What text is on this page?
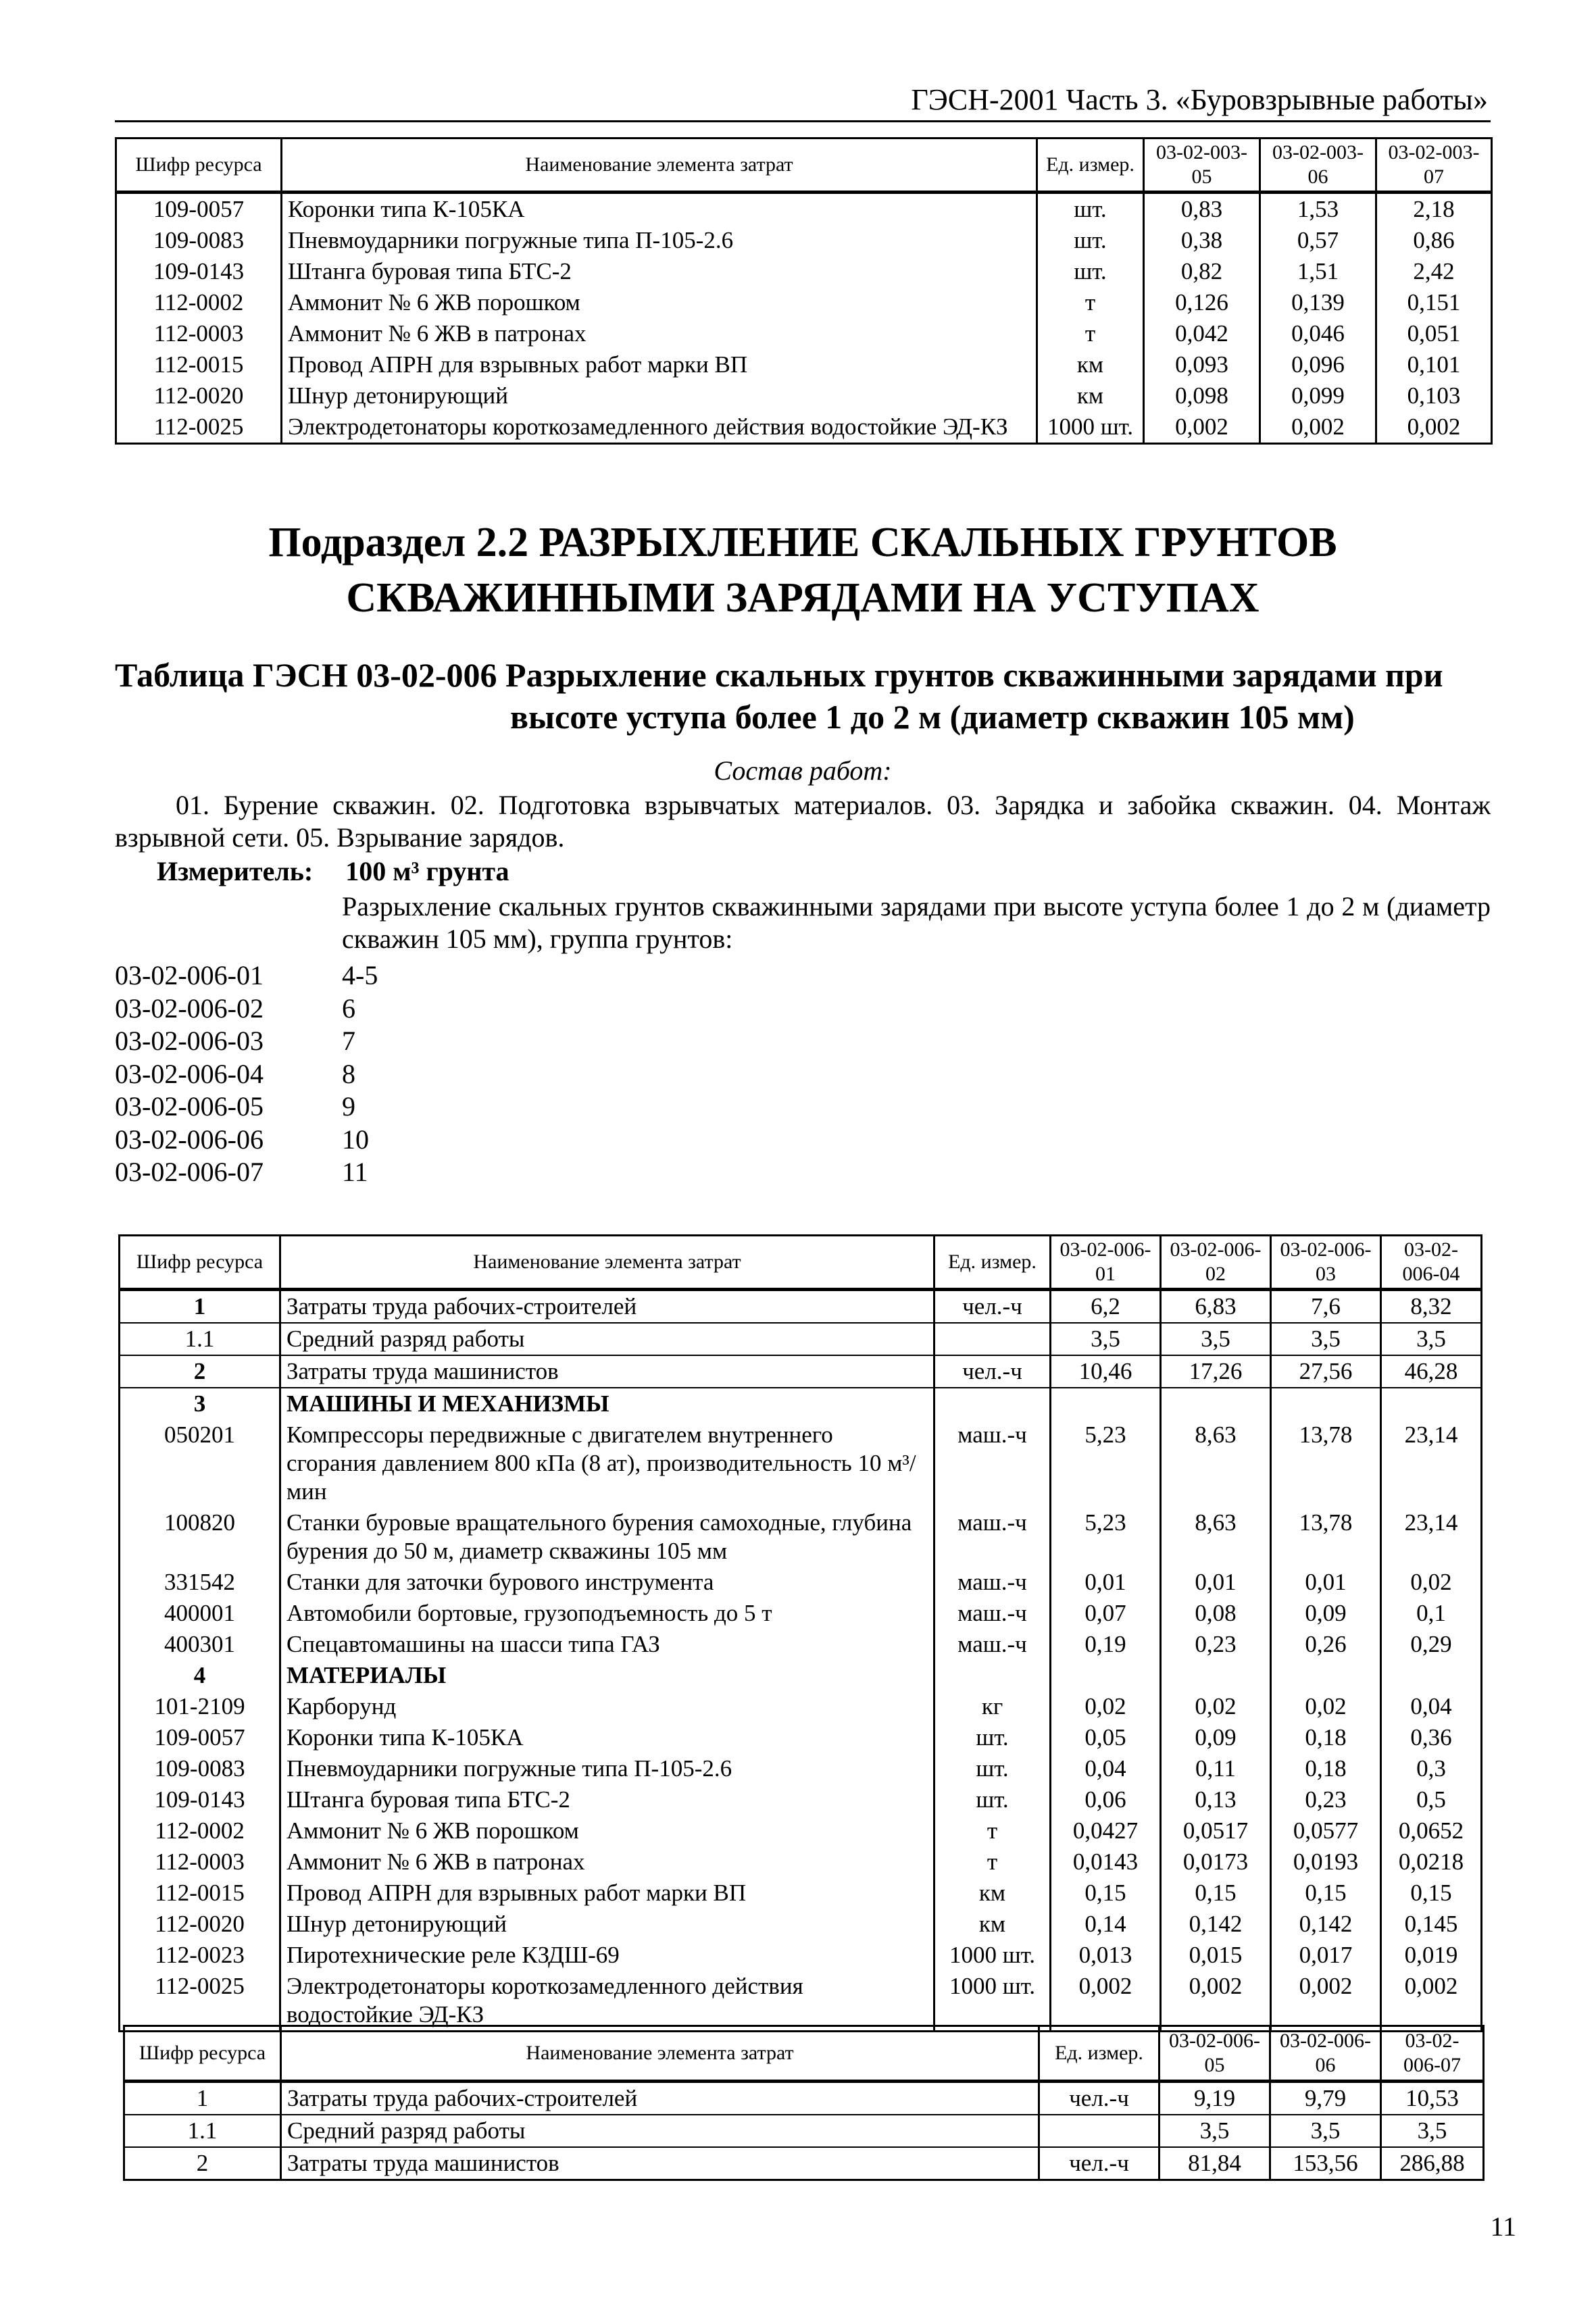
ГЭСН-2001 Часть 3. «Буровзрывные работы»
Шифр ресурса	Наименование элемента затрат	Ед. измер.	03-02-003-05	03-02-003-06	03-02-003-07
109-0057	Коронки типа К-105КА	шт.	0,83	1,53	2,18
109-0083	Пневмоударники погружные типа П-105-2.6	шт.	0,38	0,57	0,86
109-0143	Штанга буровая типа БТС-2	шт.	0,82	1,51	2,42
112-0002	Аммонит № 6 ЖВ порошком	т	0,126	0,139	0,151
112-0003	Аммонит № 6 ЖВ в патронах	т	0,042	0,046	0,051
112-0015	Провод АПРН для взрывных работ марки ВП	км	0,093	0,096	0,101
112-0020	Шнур детонирующий	км	0,098	0,099	0,103
112-0025	Электродетонаторы короткозамедленного действия водостойкие ЭД-КЗ	1000 шт.	0,002	0,002	0,002
Подраздел 2.2 РАЗРЫХЛЕНИЕ СКАЛЬНЫХ ГРУНТОВ СКВАЖИННЫМИ ЗАРЯДАМИ НА УСТУПАХ
Таблица ГЭСН 03-02-006 Разрыхление скальных грунтов скважинными зарядами при
высоте уступа более 1 до 2 м (диаметр скважин 105 мм)
Состав работ:
01. Бурение скважин. 02. Подготовка взрывчатых материалов. 03. Зарядка и забойка скважин. 04. Монтаж взрывной сети. 05. Взрывание зарядов.
Измеритель: 100 м³ грунта
Разрыхление скальных грунтов скважинными зарядами при высоте уступа более 1 до 2 м (диаметр скважин 105 мм), группа грунтов:
03-02-006-01	4-5
03-02-006-02	6
03-02-006-03	7
03-02-006-04	8
03-02-006-05	9
03-02-006-06	10
03-02-006-07	11
Шифр ресурса	Наименование элемента затрат	Ед. измер.	03-02-006-01	03-02-006-02	03-02-006-03	03-02-006-04
1	Затраты труда рабочих-строителей	чел.-ч	6,2	6,83	7,6	8,32
1.1	Средний разряд работы		3,5	3,5	3,5	3,5
2	Затраты труда машинистов	чел.-ч	10,46	17,26	27,56	46,28
3	МАШИНЫ И МЕХАНИЗМЫ					
050201	Компрессоры передвижные с двигателем внутреннего сгорания давлением 800 кПа (8 ат), производительность 10 м³/мин	маш.-ч	5,23	8,63	13,78	23,14
100820	Станки буровые вращательного бурения самоходные, глубина бурения до 50 м, диаметр скважины 105 мм	маш.-ч	5,23	8,63	13,78	23,14
331542	Станки для заточки бурового инструмента	маш.-ч	0,01	0,01	0,01	0,02
400001	Автомобили бортовые, грузоподъемность до 5 т	маш.-ч	0,07	0,08	0,09	0,1
400301	Спецавтомашины на шасси типа ГАЗ	маш.-ч	0,19	0,23	0,26	0,29
4	МАТЕРИАЛЫ					
101-2109	Карборунд	кг	0,02	0,02	0,02	0,04
109-0057	Коронки типа К-105КА	шт.	0,05	0,09	0,18	0,36
109-0083	Пневмоударники погружные типа П-105-2.6	шт.	0,04	0,11	0,18	0,3
109-0143	Штанга буровая типа БТС-2	шт.	0,06	0,13	0,23	0,5
112-0002	Аммонит № 6 ЖВ порошком	т	0,0427	0,0517	0,0577	0,0652
112-0003	Аммонит № 6 ЖВ в патронах	т	0,0143	0,0173	0,0193	0,0218
112-0015	Провод АПРН для взрывных работ марки ВП	км	0,15	0,15	0,15	0,15
112-0020	Шнур детонирующий	км	0,14	0,142	0,142	0,145
112-0023	Пиротехнические реле КЗДШ-69	1000 шт.	0,013	0,015	0,017	0,019
112-0025	Электродетонаторы короткозамедленного действия водостойкие ЭД-КЗ	1000 шт.	0,002	0,002	0,002	0,002
Шифр ресурса	Наименование элемента затрат	Ед. измер.	03-02-006-05	03-02-006-06	03-02-006-07
1	Затраты труда рабочих-строителей	чел.-ч	9,19	9,79	10,53
1.1	Средний разряд работы		3,5	3,5	3,5
2	Затраты труда машинистов	чел.-ч	81,84	153,56	286,88
11
